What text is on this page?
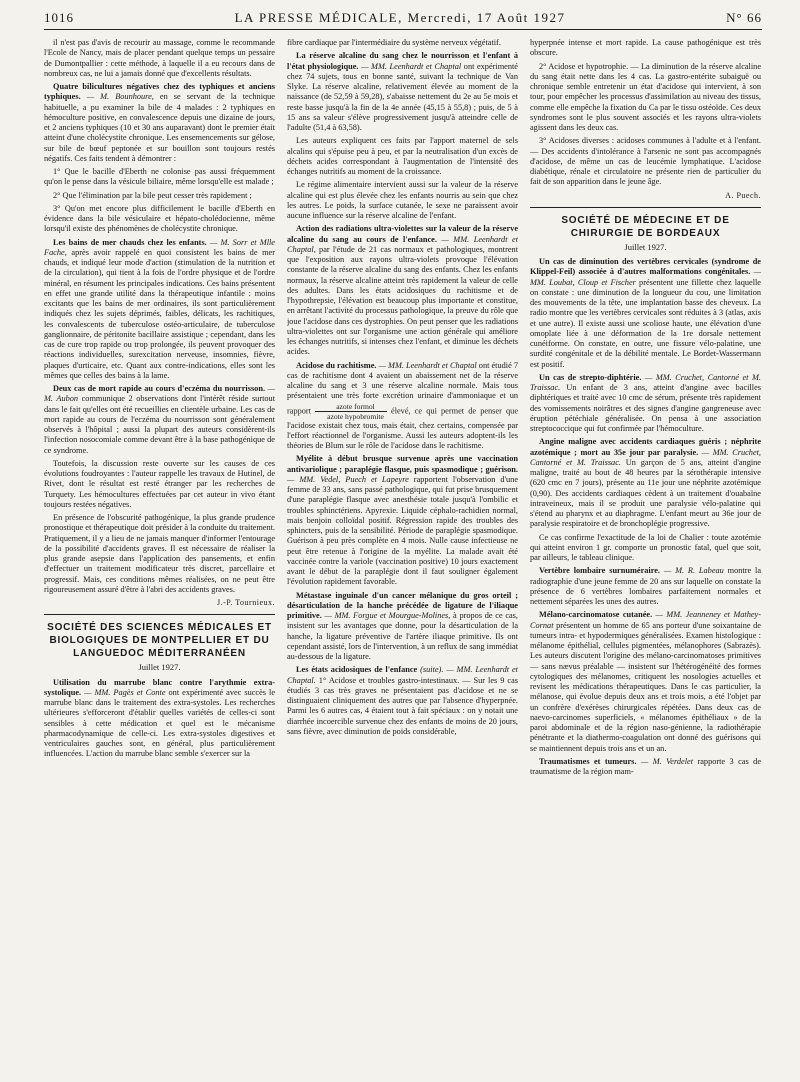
1016	LA PRESSE MÉDICALE, Mercredi, 17 Août 1927	N° 66

il n'est pas d'avis de recourir au massage, comme le recommande l'Ecole de Nancy, mais de placer pendant quelque temps un pessaire de Dumontpallier : cette méthode, à laquelle il a eu recours dans de nombreux cas, ne lui a jamais donné que d'excellents résultats.

Quatre bilicultures négatives chez des typhiques et anciens typhiques. — M. Bounhoure, en se servant de la technique habituelle, a pu examiner la bile de 4 malades : 2 typhiques en hémoculture positive, en convalescence depuis une dizaine de jours, et 2 anciens typhiques (10 et 30 ans auparavant) dont le premier était atteint d'une cholécystite chronique. Les ensemencements sur gélose, sur bile de bœuf peptonée et sur bouillon sont toujours restés négatifs. Ces faits tendent à démontrer :

1° Que le bacille d'Eberth ne colonise pas aussi fréquemment qu'on le pense dans la vésicule biliaire, même lorsqu'elle est malade ;

2° Que l'élimination par la bile peut cesser très rapidement ;

3° Qu'on met encore plus difficilement le bacille d'Eberth en évidence dans la bile vésiculaire et hépato-cholédocienne, même lorsqu'il existe des phénomènes de cholécystite chronique.

Les bains de mer chauds chez les enfants. — M. Sorr et Mlle Fache, après avoir rappelé en quoi consistent les bains de mer chauds, et indiqué leur mode d'action (stimulation de la nutrition et de la circulation), qui tient à la fois de l'ordre physique et de l'ordre minéral, en résument les principales indications. Ces bains présentent en effet une grande utilité dans la thérapeutique infantile : moins excitants que les bains de mer ordinaires, ils sont particulièrement indiqués chez les sujets déprimés, faibles, délicats, les rachitiques, les convalescents de tuberculose ostéo-articulaire, de tuberculose ganglionnaire, de péritonite bacillaire assistique ; cependant, dans les cas de cure trop rapide ou trop prolongée, ils peuvent provoquer des réactions individuelles, surexcitation nerveuse, insomnies, fièvre, plaques d'urticaire, etc. Quant aux contre-indications, elles sont les mêmes que celles des bains à la lame.

Deux cas de mort rapide au cours d'eczéma du nourrisson. — M. Aubon communique 2 observations dont l'intérêt réside surtout dans le fait qu'elles ont été recueillies en clientèle urbaine. Les cas de mort rapide au cours de l'eczéma du nourrisson sont généralement observés à l'hôpital ; aussi la plupart des auteurs considèrent-ils l'infection nosocomiale comme devant être à la base pathogénique de ce syndrome.

Toutefois, la discussion reste ouverte sur les causes de ces évolutions foudroyantes : l'auteur rappelle les travaux de Hutinel, de Rivet, dont le résultat est resté étranger par les recherches de Turquety. Les hémocultures effectuées par cet auteur in vivo étant toujours restées négatives.

En présence de l'obscurité pathogénique, la plus grande prudence pronostique et thérapeutique doit présider à la conduite du traitement. Pratiquement, il y a lieu de ne jamais manquer d'informer l'entourage de la possibilité d'accidents graves. Il est nécessaire de réaliser la plus grande asepsie dans l'application des pansements, et enfin d'effectuer un traitement modificateur très discret, parcellaire et progressif. Mais, ces conditions mêmes réalisées, on ne peut être rigoureusement assuré d'être à l'abri des accidents graves.

J.-P. Tournieux.
SOCIÉTÉ DES SCIENCES MÉDICALES ET BIOLOGIQUES DE MONTPELLIER ET DU LANGUEDOC MÉDITERRANÉEN
Juillet 1927.

Utilisation du marrube blanc contre l'arythmie extra-systolique. — MM. Pagès et Conte ont expérimenté avec succès le marrube blanc dans le traitement des extra-systoles. Les recherches ultérieures s'efforceront d'établir quelles variétés de celles-ci sont sensibles à cette médication et quel est le mécanisme pharmacodynamique de celle-ci. Les extra-systoles digestives et ventriculaires gauches sont, en général, plus particulièrement influencées. L'action du marrube blanc semble s'exercer sur la

fibre cardiaque par l'intermédiaire du système nerveux végétatif.

La réserve alcaline du sang chez le nourrisson et l'enfant à l'état physiologique. — MM. Leenhardt et Chaptal ont expérimenté chez 74 sujets, tous en bonne santé, suivant la technique de Van Slyke. La réserve alcaline, relativement élevée au moment de la naissance (de 52,59 à 59,28), s'abaisse nettement du 2e au 5e mois et reste basse jusqu'à la fin de la 4e année (45,15 à 55,8) ; puis, de 5 à 15 ans sa valeur s'élève progressivement jusqu'à atteindre celle de l'adulte (51,4 à 63,58).

Les auteurs expliquent ces faits par l'apport maternel de sels alcalins qui s'épuise peu à peu, et par la neutralisation d'un excès de déchets acides correspondant à l'augmentation de l'intensité des échanges nutritifs au moment de la croissance.

Le régime alimentaire intervient aussi sur la valeur de la réserve alcaline qui est plus élevée chez les enfants nourris au sein que chez les autres. Le poids, la surface cutanée, le sexe ne paraissent avoir aucune influence sur la réserve alcaline de l'enfant.

Action des radiations ultra-violettes sur la valeur de la réserve alcaline du sang au cours de l'enfance. — MM. Leenhardt et Chaptal, par l'étude de 21 cas normaux et pathologiques, montrent que l'exposition aux rayons ultra-violets provoque l'élévation constante de la réserve alcaline du sang des enfants. Chez les enfants normaux, la réserve alcaline atteint très rapidement la valeur de celle des adultes. Dans les états acidosiques du rachitisme et de l'hypothrepsie, l'élévation est beaucoup plus importante et constitue, en arrêtant l'activité du processus pathologique, la preuve du rôle que joue l'acidose dans ces dystrophies. On peut penser que les radiations ultra-violettes ont sur l'organisme une action générale qui améliore les échanges nutritifs, si intenses chez l'enfant, et diminue les déchets acides.

Acidose du rachitisme. — MM. Leenhardt et Chaptal ont étudié 7 cas de rachitisme dont 4 avaient un abaissement net de la réserve alcaline du sang et 3 une réserve alcaline normale. Mais tous présentaient une très forte excrétion urinaire d'ammoniaque et un rapport $\frac{\text{azote formol}}{\text{azote hypobromite}}$ élevé, ce qui permet de penser que l'acidose existait chez tous, mais était, chez certains, compensée par l'effort réactionnel de l'organisme. Aussi les auteurs adoptent-ils les théories de Blum sur le rôle de l'acidose dans le rachitisme.

Myélite à début brusque survenue après une vaccination antivariolique ; paraplégie flasque, puis spasmodique ; guérison. — MM. Vedel, Puech et Lapeyre rapportent l'observation d'une femme de 33 ans, sans passé pathologique, qui fut prise brusquement d'une paraplégie flasque avec anesthésie totale jusqu'à l'ombilic et troubles sphinctériens. Apyrexie. Liquide céphalo-rachidien normal, mais benjoin colloïdal positif. Régression rapide des troubles des sphincters, puis de la sensibilité. Période de paraplégie spasmodique. Guérison à peu près complète en 4 mois. Nulle cause infectieuse ne peut être retenue à l'origine de la myélite. La malade avait été vaccinée contre la variole (vaccination positive) 10 jours exactement avant le début de la paraplégie dont il faut souligner également l'évolution rapidement favorable.

Métastase inguinale d'un cancer mélanique du gros orteil ; désarticulation de la hanche précédée de ligature de l'iliaque primitive. — MM. Forgue et Mourgue-Molines, à propos de ce cas, insistent sur les avantages que donne, pour la désarticulation de la hanche, la ligature préventive de l'artère iliaque primitive. Ils ont cependant assisté, lors de l'intervention, à un reflux de sang immédiat au-dessous de la ligature.

Les états acidosiques de l'enfance (suite). — MM. Leenhardt et Chaptal. 1° Acidose et troubles gastro-intestinaux. — Sur les 9 cas étudiés 3 cas très graves ne présentaient pas d'acidose et ne se distinguaient cliniquement des autres que par l'absence d'hyperpnée. Parmi les 6 autres cas, 4 étaient tout à fait spéciaux : on y notait une diarrhée incoercible survenue chez des enfants de moins de 20 jours, sans fièvre, avec diminution de poids considérable,

hyperpnée intense et mort rapide. La cause pathogénique est très obscure.

2° Acidose et hypotrophie. — La diminution de la réserve alcaline du sang était nette dans les 4 cas. La gastro-entérite subaiguë ou chronique semble entretenir un état d'acidose qui intervient, à son tour, pour empêcher les processus d'assimilation au niveau des tissus, comme elle empêche la fixation du Ca par le tissu ostéoïde. Ces deux syndromes sont le plus souvent associés et les rayons ultra-violets agissent dans les deux cas.

3° Acidoses diverses : acidoses communes à l'adulte et à l'enfant. — Des accidents d'intolérance à l'arsenic ne sont pas accompagnés d'acidose, de même un cas de leucémie lymphatique. L'acidose diabétique, rénale et circulatoire ne présente rien de particulier du fait de son apparition dans le jeune âge.

A. Puech.
SOCIÉTÉ DE MÉDECINE ET DE CHIRURGIE DE BORDEAUX
Juillet 1927.

Un cas de diminution des vertèbres cervicales (syndrome de Klippel-Feil) associée à d'autres malformations congénitales. — MM. Loubat, Cloup et Fischer présentent une fillette chez laquelle on constate : une diminution de la longueur du cou, une limitation des mouvements de la tête, une implantation basse des cheveux. La radio montre que les vertèbres cervicales sont réduites à 3 (atlas, axis et une autre). Il existe aussi une scoliose haute, une élévation d'une omoplate liée à une déformation de la 1re dorsale nettement cunéiforme. On constate, en outre, une fissure vélo-palatine, une surdité congénitale et de la débilité mentale. Le Bordet-Wassermann est positif.

Un cas de strepto-diphtérie. — MM. Cruchet, Cantorné et M. Traissac. Un enfant de 3 ans, atteint d'angine avec bacilles diphtériques et traité avec 10 cmc de sérum, présente très rapidement des vomissements noirâtres et des signes d'angine gangreneuse avec éruption pétéchiale généralisée. On pensa à une association streptococcique qui fut confirmée par l'hémoculture.

Angine maligne avec accidents cardiaques guéris ; néphrite azotémique ; mort au 35e jour par paralysie. — MM. Cruchet, Cantorné et M. Traissac. Un garçon de 5 ans, atteint d'angine maligne, traité au bout de 48 heures par la sérothérapie intensive (620 cmc en 7 jours), présente au 11e jour une néphrite azotémique (0,90). Des accidents cardiaques cèdent à un traitement d'ouabaïne intraveineux, mais il se produit une paralysie vélo-palatine qui s'étend au pharynx et au diaphragme. L'enfant meurt au 36e jour de paralysie respiratoire et de bronchoplégie progressive.

Ce cas confirme l'exactitude de la loi de Chalier : toute azotémie qui atteint environ 1 gr. comporte un pronostic fatal, quel que soit, par ailleurs, le tableau clinique.

Vertèbre lombaire surnuméraire. — M. R. Labeau montre la radiographie d'une jeune femme de 20 ans sur laquelle on constate la présence de 6 vertèbres lombaires parfaitement normales et nettement séparées les unes des autres.

Mélano-carcinomatose cutanée. — MM. Jeanneney et Mathey-Cornat présentent un homme de 65 ans porteur d'une soixantaine de tumeurs intra- et hypodermiques généralisées. Examen histologique : mélanome épithélial, cellules pigmentées, mélanophores (Sabrazès). Les auteurs discutent l'origine des mélano-carcinomatoses primitives — sans nævus préalable — insistent sur l'hétérogénéité des formes cytologiques des mélanomes, critiquent les nosologies actuelles et revisent les médications thérapeutiques. Dans le cas particulier, la mélanose, qui évolue depuis deux ans et trois mois, a été l'objet par un confrère d'exérèses chirurgicales répétées. Dans deux cas de naevo-carcinomes superficiels, « mélanomes épithéliaux » de la paroi abdominale et de la région naso-génienne, la radiothérapie pénétrante et la diathermo-coagulation ont donné des guérisons qui se maintiennent depuis trois ans et un an.

Traumatismes et tumeurs. — M. Verdelet rapporte 3 cas de traumatisme de la région mam-
